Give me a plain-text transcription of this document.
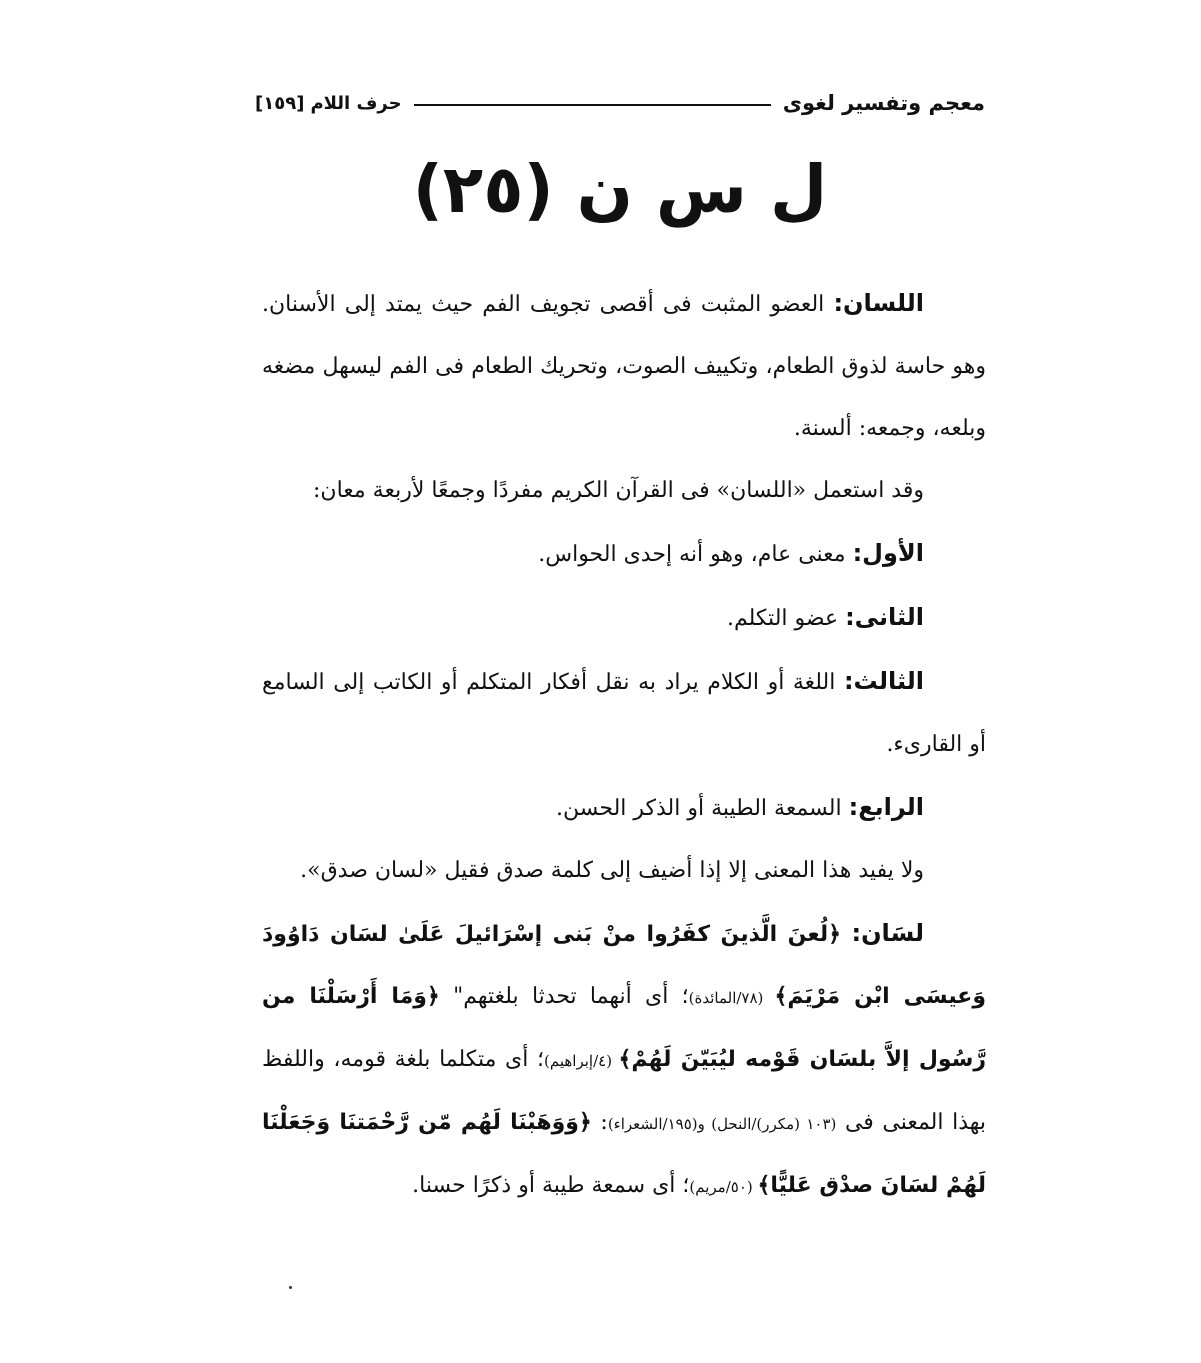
معجم وتفسير لغوى
حرف اللام
[١٥٩]
ل س ن (٢٥)

اللسان: العضو المثبت فى أقصى تجويف الفم حيث يمتد إلى الأسنان. وهو حاسة لذوق الطعام، وتكييف الصوت، وتحريك الطعام فى الفم ليسهل مضغه وبلعه، وجمعه: ألسنة.

وقد استعمل «اللسان» فى القرآن الكريم مفردًا وجمعًا لأربعة معان:

الأول: معنى عام، وهو أنه إحدى الحواس.

الثانى: عضو التكلم.

الثالث: اللغة أو الكلام يراد به نقل أفكار المتكلم أو الكاتب إلى السامع أو القارىء.

الرابع: السمعة الطيبة أو الذكر الحسن.

ولا يفيد هذا المعنى إلا إذا أضيف إلى كلمة صدق فقيل «لسان صدق».

لسَان: ﴿لُعنَ الَّذينَ كفَرُوا منْ بَنى إسْرَائيلَ عَلَىٰ لسَان دَاوُودَ وَعيسَى ابْن مَرْيَمَ﴾ (٧٨/المائدة)؛ أى أنهما تحدثا بلغتهم" ﴿وَمَا أَرْسَلْنَا من رَّسُول إلاَّ بلسَان قَوْمه ليُبَيّنَ لَهُمْ﴾ (٤/إبراهيم)؛ أى متكلما بلغة قومه، واللفظ بهذا المعنى فى (١٠٣ (مكرر)/النحل) و(١٩٥/الشعراء): ﴿وَوَهَبْنَا لَهُم مّن رَّحْمَتنَا وَجَعَلْنَا لَهُمْ لسَانَ صدْق عَليًّا﴾ (٥٠/مريم)؛ أى سمعة طيبة أو ذكرًا حسنا.
